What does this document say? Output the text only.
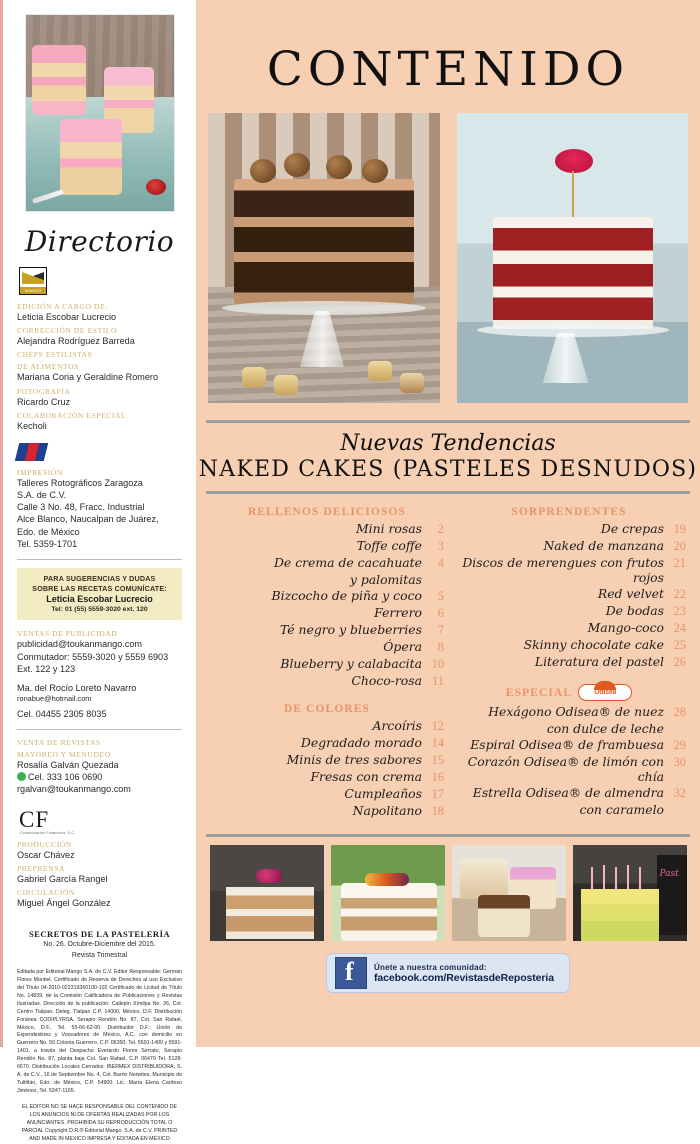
Directorio
MANGO
EDICIÓN A CARGO DE:
Leticia Escobar Lucrecio
CORRECCIÓN DE ESTILO
Alejandra Rodríguez Barreda
CHEFS ESTILISTAS
DE ALIMENTOS
Mariana Coria y Geraldine Romero
FOTOGRAFÍA
Ricardo Cruz
COLABORACIÓN ESPECIAL
Kecholi
IMPRESIÓN
Talleres Rotográficos Zaragoza
S.A. de C.V.
Calle 3 No. 48, Fracc. Industrial
Alce Blanco, Naucalpan de Juárez,
Edo. de México
Tel. 5359-1701
PARA SUGERENCIAS Y DUDAS
SOBRE LAS RECETAS COMUNÍCATE:
Leticia Escobar Lucrecio
Tel: 01 (55) 5559-3020 ext. 120
VENTAS DE PUBLICIDAD
publicidad@toukanmango.com
Conmutador: 5559-3020 y 5559 6903
Ext. 122 y 123
Ma. del Rocío Loreto Navarro
ronabue@hotmail.com
Cel. 04455 2305 8035
VENTA DE REVISTAS
MAYOREO Y MENUDEO
Rosalía Galván Quezada
Cel. 333 106 0690
rgalvan@toukanmango.com
CF
Comunicación Financiera, S.C.
PRODUCCIÓN
Oscar Chávez
PREPRENSA
Gabriel García Rangel
CIRCULACIÓN
Miguel Ángel González
SECRETOS DE LA PASTELERÍA
No. 26. Octubre-Diciembre del 2015.
Revista Trimestral
Editada por Editorial Mango S.A. de C.V. Editor Responsable: Germán Flores Montiel. Certificado de Reserva de Derechos al uso Exclusivo del Título 04-2010-022319360100-102 Certificado de Licitud de Título No. 14839, de la Comisión Calificadora de Publicaciones y Revistas Ilustradas. Dirección de la publicación: Callejón Xímilpa No. 26, Col. Centro Tlalpan, Deleg. Tlalpan C.P. 14000, México, D.F. Distribución Foránea CODIPLYRSA, Serapio Rendón No. 87, Col. San Rafael, México, D.F., Tel. 55-66-62-00. Distribuidor D.F.: Unión de Expendedores y Voceadores de México, A.C. con domicilio en Guerrero No. 50 Colonia Guerrero, C.P. 06350. Tel. 5591-1400 y 5591-1401, a través del Despacho Everardo Flores Serrato, Serapio Rendón No. 87, planta baja Col. San Rafael, C.P. 06470 Tel. 5128-6670. Distribución Locales Cerrados: IBERMEX DISTRIBUIDORA, S. A. de C.V., 16 de Septiembre No. 4, Col. Barrio Norwites, Municipio de Tultitlán, Edo. de México, C.P. 54900. Lic. María Elena Cardoso Jiménez, Tel. 5347-1165.
EL EDITOR NO SE HACE RESPONSABLE DEL CONTENIDO DE LOS ANUNCIOS NI DE OFERTAS REALIZADAS POR LOS ANUNCIANTES. PROHIBIDA SU REPRODUCCIÓN TOTAL O PARCIAL Copyright D.R.® Editorial Mango, S.A. de C.V. PRINTED AND MADE IN MEXICO IMPRESA Y EDITADA EN MÉXICO
CONTENIDO
Nuevas Tendencias
NAKED CAKES (PASTELES DESNUDOS)
RELLENOS DELICIOSOS
Mini rosas	2
Toffe coffe	3
De crema de cacahuate	4
y palomitas
Bizcocho de piña y coco	5
Ferrero	6
Té negro y blueberries	7
Ópera	8
Blueberry y calabacita 10
Choco-rosa 11
DE COLORES
Arcoíris 12
Degradado morado 14
Minis de tres sabores 15
Fresas con crema 16
Cumpleaños 17
Napolitano 18
SORPRENDENTES
De crepas 19
Naked de manzana 20
Discos de merengues con frutos rojos
21
Red velvet 22
De bodas 23
Mango-coco 24
Skinny chocolate cake 25
Literatura del pastel 26
ESPECIAL	Odisea
Hexágono Odisea® de nuez 28
con dulce de leche
Espiral Odisea® de frambuesa 29
Corazón Odisea® de limón con chía
30
Estrella Odisea® de almendra 32
con caramelo
Past
f
Únete a nuestra comunidad:
facebook.com/RevistasdeReposteria
